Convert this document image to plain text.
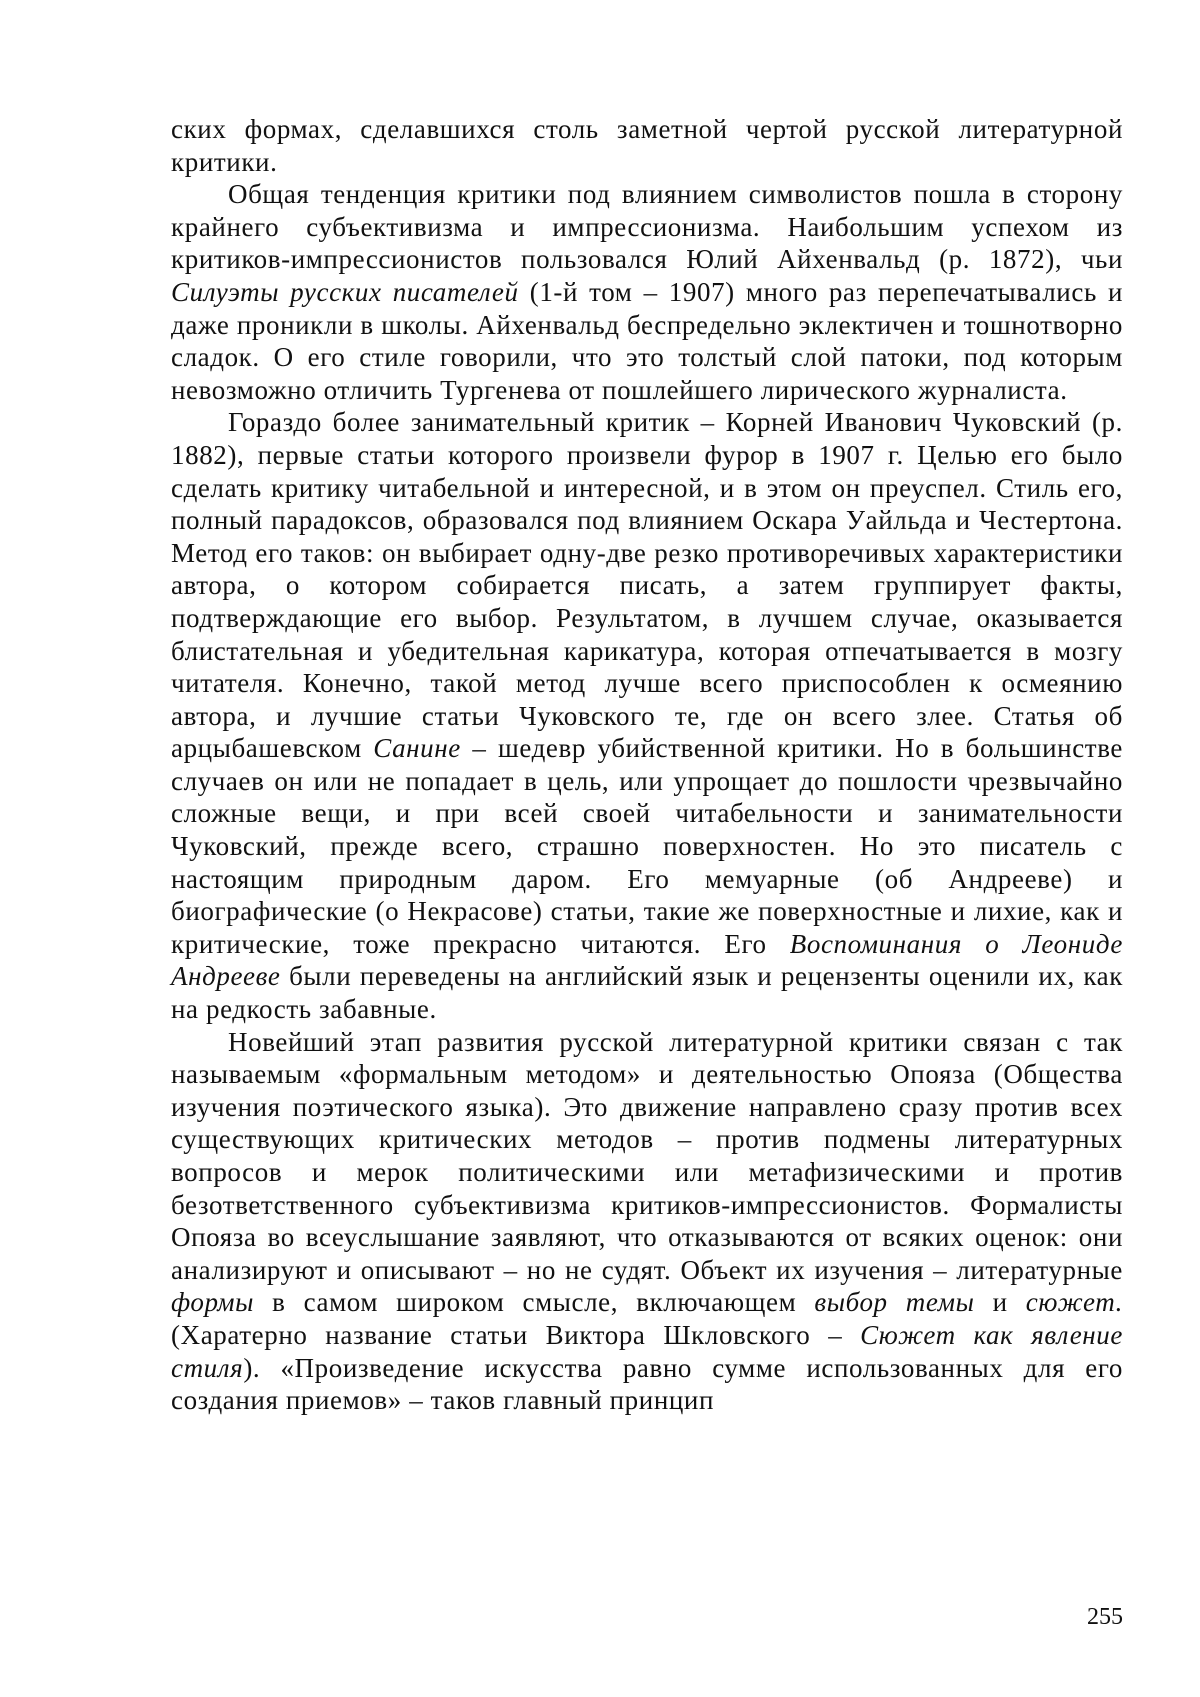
ских формах, сделавшихся столь заметной чертой русской литературной критики.

Общая тенденция критики под влиянием символистов пошла в сторону крайнего субъективизма и импрессионизма. Наибольшим успехом из критиков-импрессионистов пользовался Юлий Айхенвальд (р. 1872), чьи Силуэты русских писателей (1-й том – 1907) много раз перепечатывались и даже проникли в школы. Айхенвальд беспредельно эклектичен и тошнотворно сладок. О его стиле говорили, что это толстый слой патоки, под которым невозможно отличить Тургенева от пошлейшего лирического журналиста.

Гораздо более занимательный критик – Корней Иванович Чуковский (р. 1882), первые статьи которого произвели фурор в 1907 г. Целью его было сделать критику читабельной и интересной, и в этом он преуспел. Стиль его, полный парадоксов, образовался под влиянием Оскара Уайльда и Честертона. Метод его таков: он выбирает одну-две резко противоречивых характеристики автора, о котором собирается писать, а затем группирует факты, подтверждающие его выбор. Результатом, в лучшем случае, оказывается блистательная и убедительная карикатура, которая отпечатывается в мозгу читателя. Конечно, такой метод лучше всего приспособлен к осмеянию автора, и лучшие статьи Чуковского те, где он всего злее. Статья об арцыбашевском Санине – шедевр убийственной критики. Но в большинстве случаев он или не попадает в цель, или упрощает до пошлости чрезвычайно сложные вещи, и при всей своей читабельности и занимательности Чуковский, прежде всего, страшно поверхностен. Но это писатель с настоящим природным даром. Его мемуарные (об Андрееве) и биографические (о Некрасове) статьи, такие же поверхностные и лихие, как и критические, тоже прекрасно читаются. Его Воспоминания о Леониде Андрееве были переведены на английский язык и рецензенты оценили их, как на редкость забавные.

Новейший этап развития русской литературной критики связан с так называемым «формальным методом» и деятельностью Опояза (Общества изучения поэтического языка). Это движение направлено сразу против всех существующих критических методов – против подмены литературных вопросов и мерок политическими или метафизическими и против безответственного субъективизма критиков-импрессионистов. Формалисты Опояза во всеуслышание заявляют, что отказываются от всяких оценок: они анализируют и описывают – но не судят. Объект их изучения – литературные формы в самом широком смысле, включающем выбор темы и сюжет. (Харатерно название статьи Виктора Шкловского – Сюжет как явление стиля). «Произведение искусства равно сумме использованных для его создания приемов» – таков главный принцип

255
